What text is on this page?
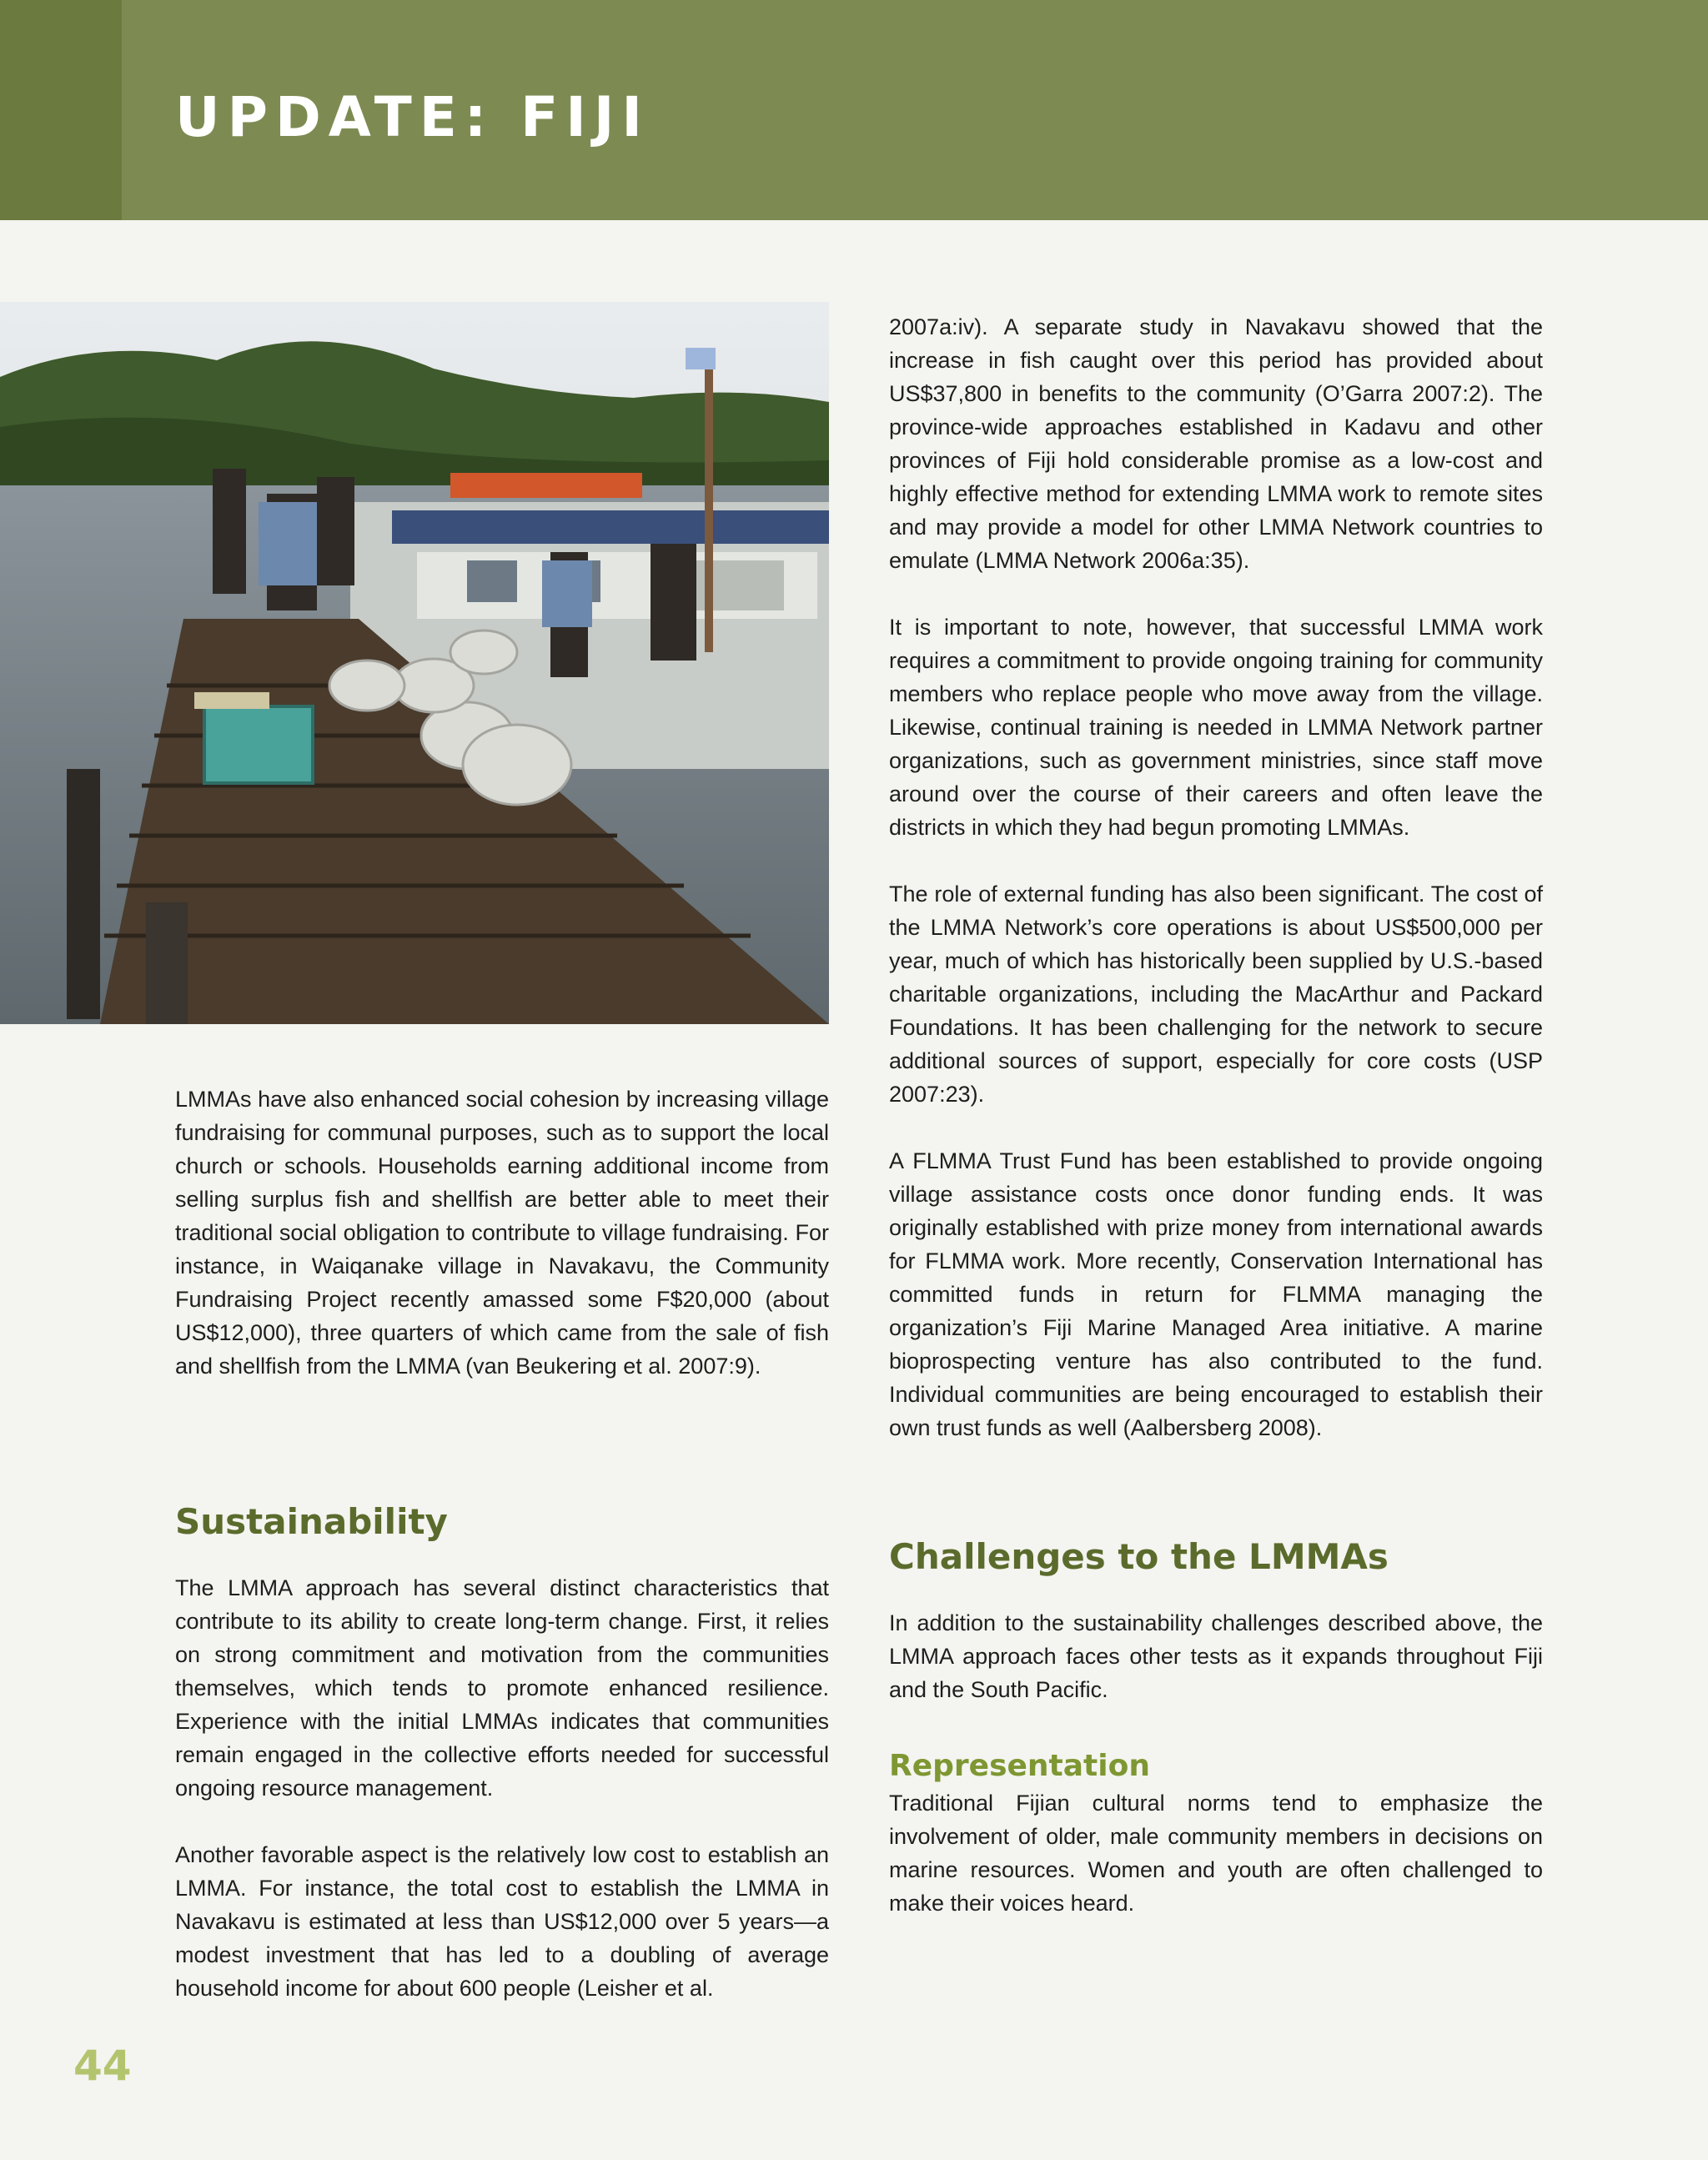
UPDATE: FIJI

LMMAs have also enhanced social cohesion by increasing village fundraising for communal purposes, such as to support the local church or schools. Households earning additional income from selling surplus fish and shellfish are better able to meet their traditional social obligation to contribute to village fundraising. For instance, in Waiqanake village in Navakavu, the Community Fundraising Project recently amassed some F$20,000 (about US$12,000), three quarters of which came from the sale of fish and shellfish from the LMMA (van Beukering et al. 2007:9).

Sustainability

The LMMA approach has several distinct characteristics that contribute to its ability to create long-term change. First, it relies on strong commitment and motivation from the communities themselves, which tends to promote enhanced resilience. Experience with the initial LMMAs indicates that communities remain engaged in the collective efforts needed for successful ongoing resource management.

Another favorable aspect is the relatively low cost to establish an LMMA. For instance, the total cost to establish the LMMA in Navakavu is estimated at less than US$12,000 over 5 years—a modest investment that has led to a doubling of average household income for about 600 people (Leisher et al.

2007a:iv). A separate study in Navakavu showed that the increase in fish caught over this period has provided about US$37,800 in benefits to the community (O’Garra 2007:2). The province-wide approaches established in Kadavu and other provinces of Fiji hold considerable promise as a low-cost and highly effective method for extending LMMA work to remote sites and may provide a model for other LMMA Network countries to emulate (LMMA Network 2006a:35).

It is important to note, however, that successful LMMA work requires a commitment to provide ongoing training for community members who replace people who move away from the village. Likewise, continual training is needed in LMMA Network partner organizations, such as government ministries, since staff move around over the course of their careers and often leave the districts in which they had begun promoting LMMAs.

The role of external funding has also been significant. The cost of the LMMA Network’s core operations is about US$500,000 per year, much of which has historically been supplied by U.S.-based charitable organizations, including the MacArthur and Packard Foundations. It has been challenging for the network to secure additional sources of support, especially for core costs (USP 2007:23).

A FLMMA Trust Fund has been established to provide ongoing village assistance costs once donor funding ends. It was originally established with prize money from international awards for FLMMA work. More recently, Conservation International has committed funds in return for FLMMA managing the organization’s Fiji Marine Managed Area initiative. A marine bioprospecting venture has also contributed to the fund. Individual communities are being encouraged to establish their own trust funds as well (Aalbersberg 2008).

Challenges to the LMMAs

In addition to the sustainability challenges described above, the LMMA approach faces other tests as it expands throughout Fiji and the South Pacific.

Representation

Traditional Fijian cultural norms tend to emphasize the involvement of older, male community members in decisions on marine resources. Women and youth are often challenged to make their voices heard.

44
